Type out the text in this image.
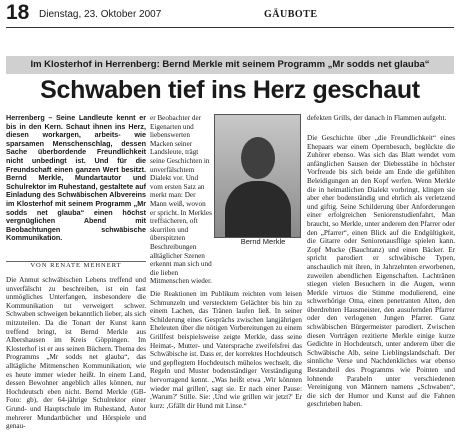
18 Dienstag, 23. Oktober 2007	GÄUBOTE
Im Klosterhof in Herrenberg: Bernd Merkle mit seinem Programm „Mr sodds net glauba“
Schwaben tief ins Herz geschaut

Herrenberg – Seine Landleute kennt er bis in den Kern. Schaut ihnen ins Herz, diesen workargen, arbeits- wie sparsamen Menschenschlag, dessen Sache überbordende Freundlichkeit nicht unbedingt ist. Und für die Freundschaft einen ganzen Wert besitzt. Bernd Merkle, Mundartautor und Schulrektor im Ruhestand, gestaltete auf Einladung des Schwäbischen Albvereins im Klosterhof mit seinem Programm „Mr sodds net glauba“ einen höchst vergnüglichen Abend mit Beobachtungen schwäbische Kommunikation.

VON RENATE MEHNERT

Die Anmut schwäbischen Lebens treffend und unverfälscht zu beschreiben, ist ein fast unmögliches Unterfangen, insbesondere die Kommunikation tut verweigert schwer. Schwaben schweigen bekanntlich lieber, als sich mitzuteilen. Da die Tonart der Kunst kann treffend bringt, ist Bernd Merkle aus Albershausen im Kreis Göppingen. Im Klosterhof ist er aus seinen Büchern. Thema des Programms „Mr sodds net glauba“, das alltägliche Mitmenschen Kommunikation, wie es heute immer wieder heißt. In einem Land, dessen Bewohner angeblich alles können, nur Hochdeutsch eben nicht. Bernd Merkle (GB-Foto: gb), der 64-jährige Schulrektor einer Grund- und Hauptschule im Ruhestand, Autor mehrerer Mundartbücher und Hörspiele und genau-

er Beobachter der Eigenarten und liebenswerten Macken seiner Landsleute, trägt seine Geschichten in unverfälschtem Dialekt vor. Und vom ersten Satz an merkt man: Der Mann weiß, wovon er spricht. In Merkles treffsicheren, oft skurrilen und überspitzten Beschreibungen alltäglicher Szenen erkennt man sich und die lieben Mitmenschen wieder.

Bernd Merkle

Die Reaktionen im Publikum reichten vom leisen Schmunzeln und verstecktem Gelächter bis hin zu einem Lachen, das Tränen laufen ließ. In seiner Schilderung eines Gesprächs zwischen langjährigen Eheleuten über die nötigen Vorbereitungen zu einem Grillfest beispielsweise zeigte Merkle, dass seine Heimat-, Mutter- und Vatersprache zweifelsfrei das Schwäbische ist. Dass er, der korrektes Hochdeutsch und gepflegtem Hochdeutsch mühelos wechselt, die Regeln und Muster bodenständiger Verständigung hervorragend kennt. „Was heißt etwa ,Wir könnten wieder mal grillen', sagt sie. Er nach einer Pause: ,Warum?' Stille. Sie: ,Und wie grillen wir jetzt?' Er kurz: ,Gfällt dir Hund mit Linse.“

defekten Grills, der danach in Flammen aufgeht.

Die Geschichte über „die Freundlichkeit“ eines Ehepaars war einem Opernbesuch, beglückte die Zuhörer ebenso. Was sich das Blatt wendet vom anfänglichen Sausen der Diebesstäbe in höchster Vorfreude bis sich beide am Ende die gefühlten Beleidigungen an den Kopf werfen. Wenn Merkle die in heimatlichen Dialekt vorbringt, klingen sie aber eher bodenständig und ehrlich als verletzend und giftig. Seine Schilderung über Anforderungen einer erfolgreichen Seniorenstudienfahrt, Man braucht, so Merkle, unter anderem den Pfarrer oder den „Pfarrer“, einen Blick auf die Endgültigkeit, die Gitarre oder Seniorenausflüge spielen kann. Zopf Mucke (Bauchtanz) und einen Bäcker. Er spricht parodiert er schwäbische Typen, anschaulich mit ihren, in Jahrzehnten erworbenen, zuweilen abendlichen Eigenschaften. Lachtränen stiegen vielen Besuchern in die Augen, wenn Merkle virtuos die Stimme modulierend, eine schwerhörige Oma, einen penetranten Alten, den überdrehten Hausmeister, den ausufernden Pfarrer oder den verlogenen Jungen Pfarrer. Ganz schwäbischen Bürgermeister parodiert. Zwischen diesen Vorträgen rezitierte Merkle einige kurze Gedichte in Hochdeutsch, unter anderem über die Schwäbische Alb, seine Lieblingslandschaft. Der sinnliche Verse und Nachdenkliches war ebenso Bestandteil des Programms wie Pointen und lohnende Parabeln unter verschiedenen Vereinigung von Männern namens „Schwaben“, die sich der Humor und Kunst auf die Fahnen geschrieben haben.
